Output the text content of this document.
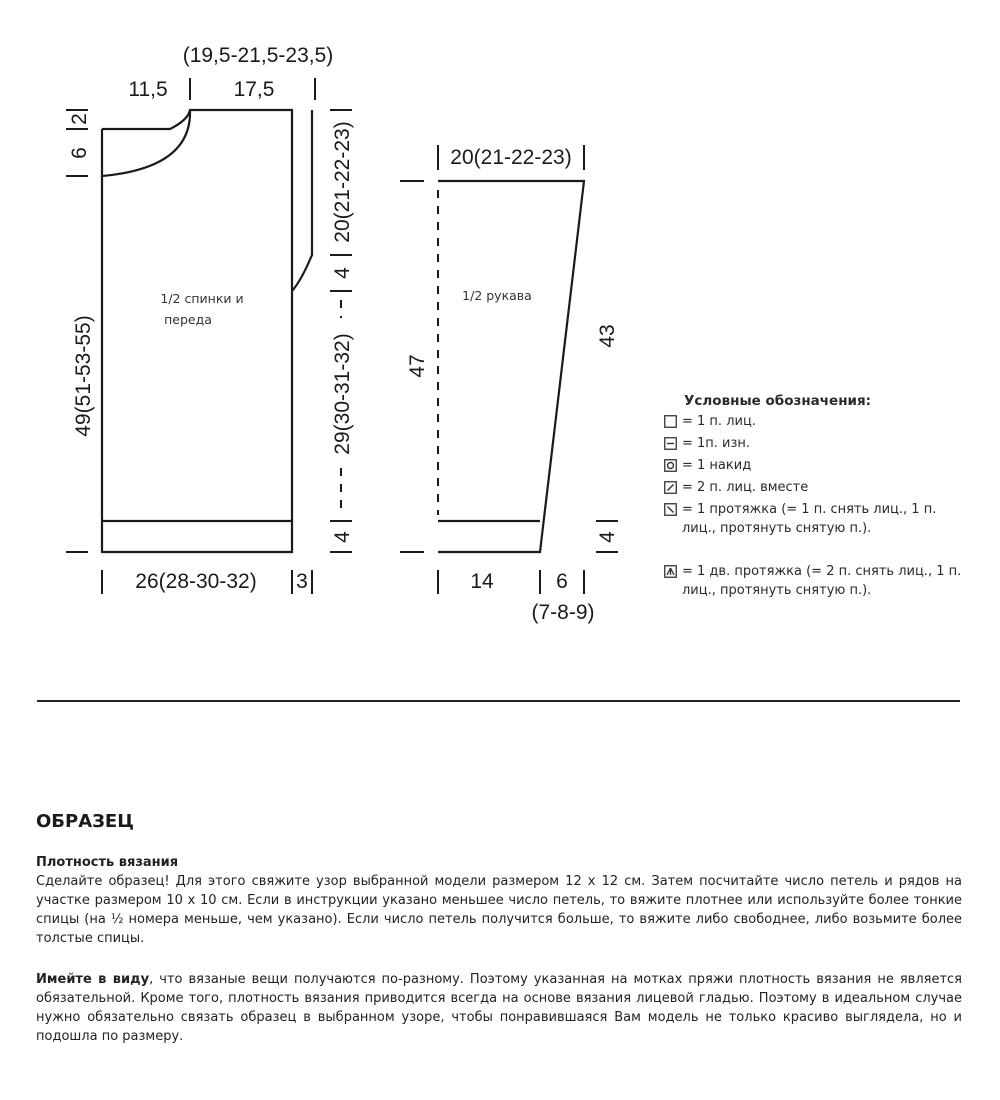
1/2 спинки и
переда
(19,5-21,5-23,5)
11,5	17,5
2
6
49(51-53-55)
20(21-22-23)
4
29(30-31-32)
4
26(28-30-32) 3
1/2 рукава
20(21-22-23)
47
43
4
14	6
(7-8-9)
Условные обозначения:
= 1 п. лиц.
= 1п. изн.
= 1 накид
= 2 п. лиц. вместе
= 1 протяжка (= 1 п. снять лиц., 1 п. лиц., протянуть снятую п.).
= 1 дв. протяжка (= 2 п. снять лиц., 1 п. лиц., протянуть снятую п.).
ОБРАЗЕЦ
Плотность вязания

Сделайте образец! Для этого свяжите узор выбранной модели размером 12 х 12 см. Затем посчитайте число петель и рядов на участке размером 10 х 10 см. Если в инструкции указано меньшее число петель, то вяжите плотнее или используйте более тонкие спицы (на ½ номера меньше, чем указано). Если число петель получится больше, то вяжите либо свободнее, либо возьмите более толстые спицы.

Имейте в виду, что вязаные вещи получаются по-разному. Поэтому указанная на мотках пряжи плотность вязания не является обязательной. Кроме того, плотность вязания приводится всегда на основе вязания лицевой гладью. Поэтому в идеальном случае нужно обязательно связать образец в выбранном узоре, чтобы понравившаяся Вам модель не только красиво выглядела, но и подошла по размеру.
